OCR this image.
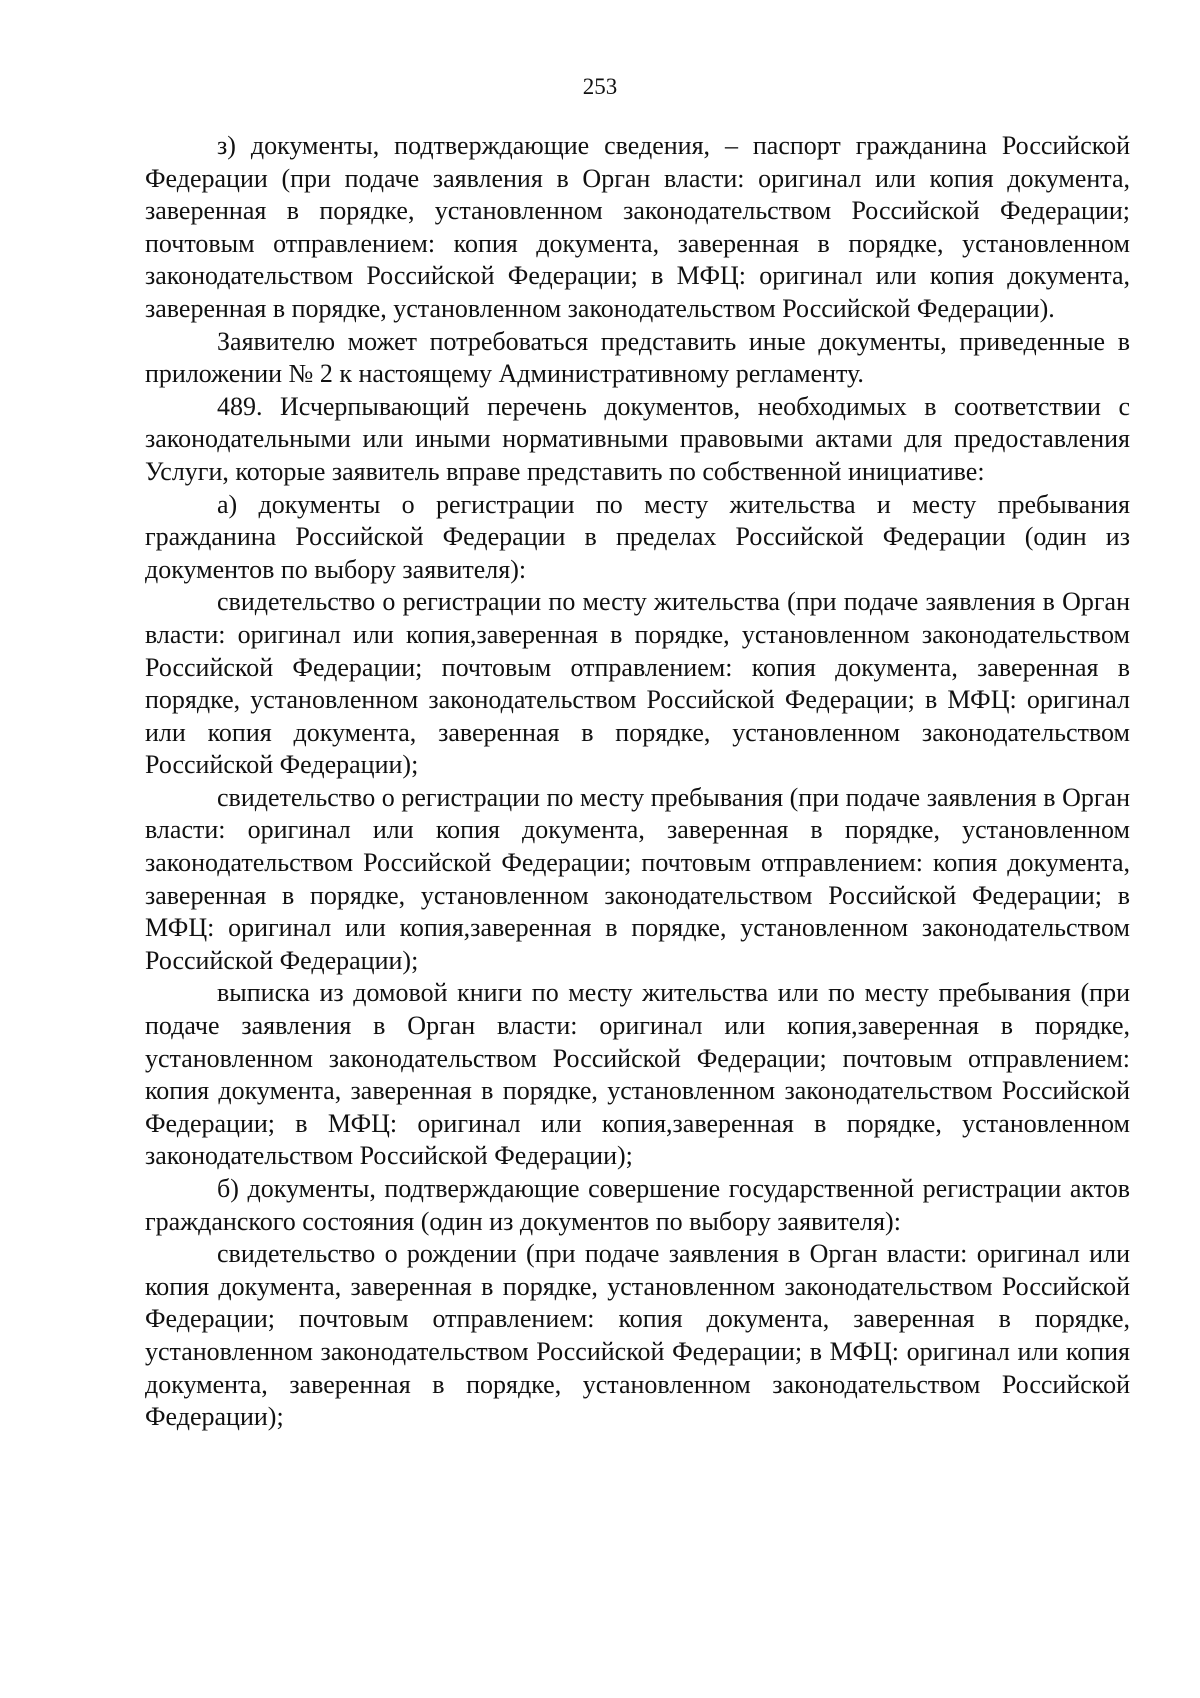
253

з) документы, подтверждающие сведения, – паспорт гражданина Российской Федерации (при подаче заявления в Орган власти: оригинал или копия документа, заверенная в порядке, установленном законодательством Российской Федерации; почтовым отправлением: копия документа, заверенная в порядке, установленном законодательством Российской Федерации; в МФЦ: оригинал или копия документа, заверенная в порядке, установленном законодательством Российской Федерации).

Заявителю может потребоваться представить иные документы, приведенные в приложении № 2 к настоящему Административному регламенту.

489. Исчерпывающий перечень документов, необходимых в соответствии с законодательными или иными нормативными правовыми актами для предоставления Услуги, которые заявитель вправе представить по собственной инициативе:

а) документы о регистрации по месту жительства и месту пребывания гражданина Российской Федерации в пределах Российской Федерации (один из документов по выбору заявителя):

свидетельство о регистрации по месту жительства (при подаче заявления в Орган власти: оригинал или копия,заверенная в порядке, установленном законодательством Российской Федерации; почтовым отправлением: копия документа, заверенная в порядке, установленном законодательством Российской Федерации; в МФЦ: оригинал или копия документа, заверенная в порядке, установленном законодательством Российской Федерации);

свидетельство о регистрации по месту пребывания (при подаче заявления в Орган власти: оригинал или копия документа, заверенная в порядке, установленном законодательством Российской Федерации; почтовым отправлением: копия документа, заверенная в порядке, установленном законодательством Российской Федерации; в МФЦ: оригинал или копия,заверенная в порядке, установленном законодательством Российской Федерации);

выписка из домовой книги по месту жительства или по месту пребывания (при подаче заявления в Орган власти: оригинал или копия,заверенная в порядке, установленном законодательством Российской Федерации; почтовым отправлением: копия документа, заверенная в порядке, установленном законодательством Российской Федерации; в МФЦ: оригинал или копия,заверенная в порядке, установленном законодательством Российской Федерации);

б) документы, подтверждающие совершение государственной регистрации актов гражданского состояния (один из документов по выбору заявителя):

свидетельство о рождении (при подаче заявления в Орган власти: оригинал или копия документа, заверенная в порядке, установленном законодательством Российской Федерации; почтовым отправлением: копия документа, заверенная в порядке, установленном законодательством Российской Федерации; в МФЦ: оригинал или копия документа, заверенная в порядке, установленном законодательством Российской Федерации);
